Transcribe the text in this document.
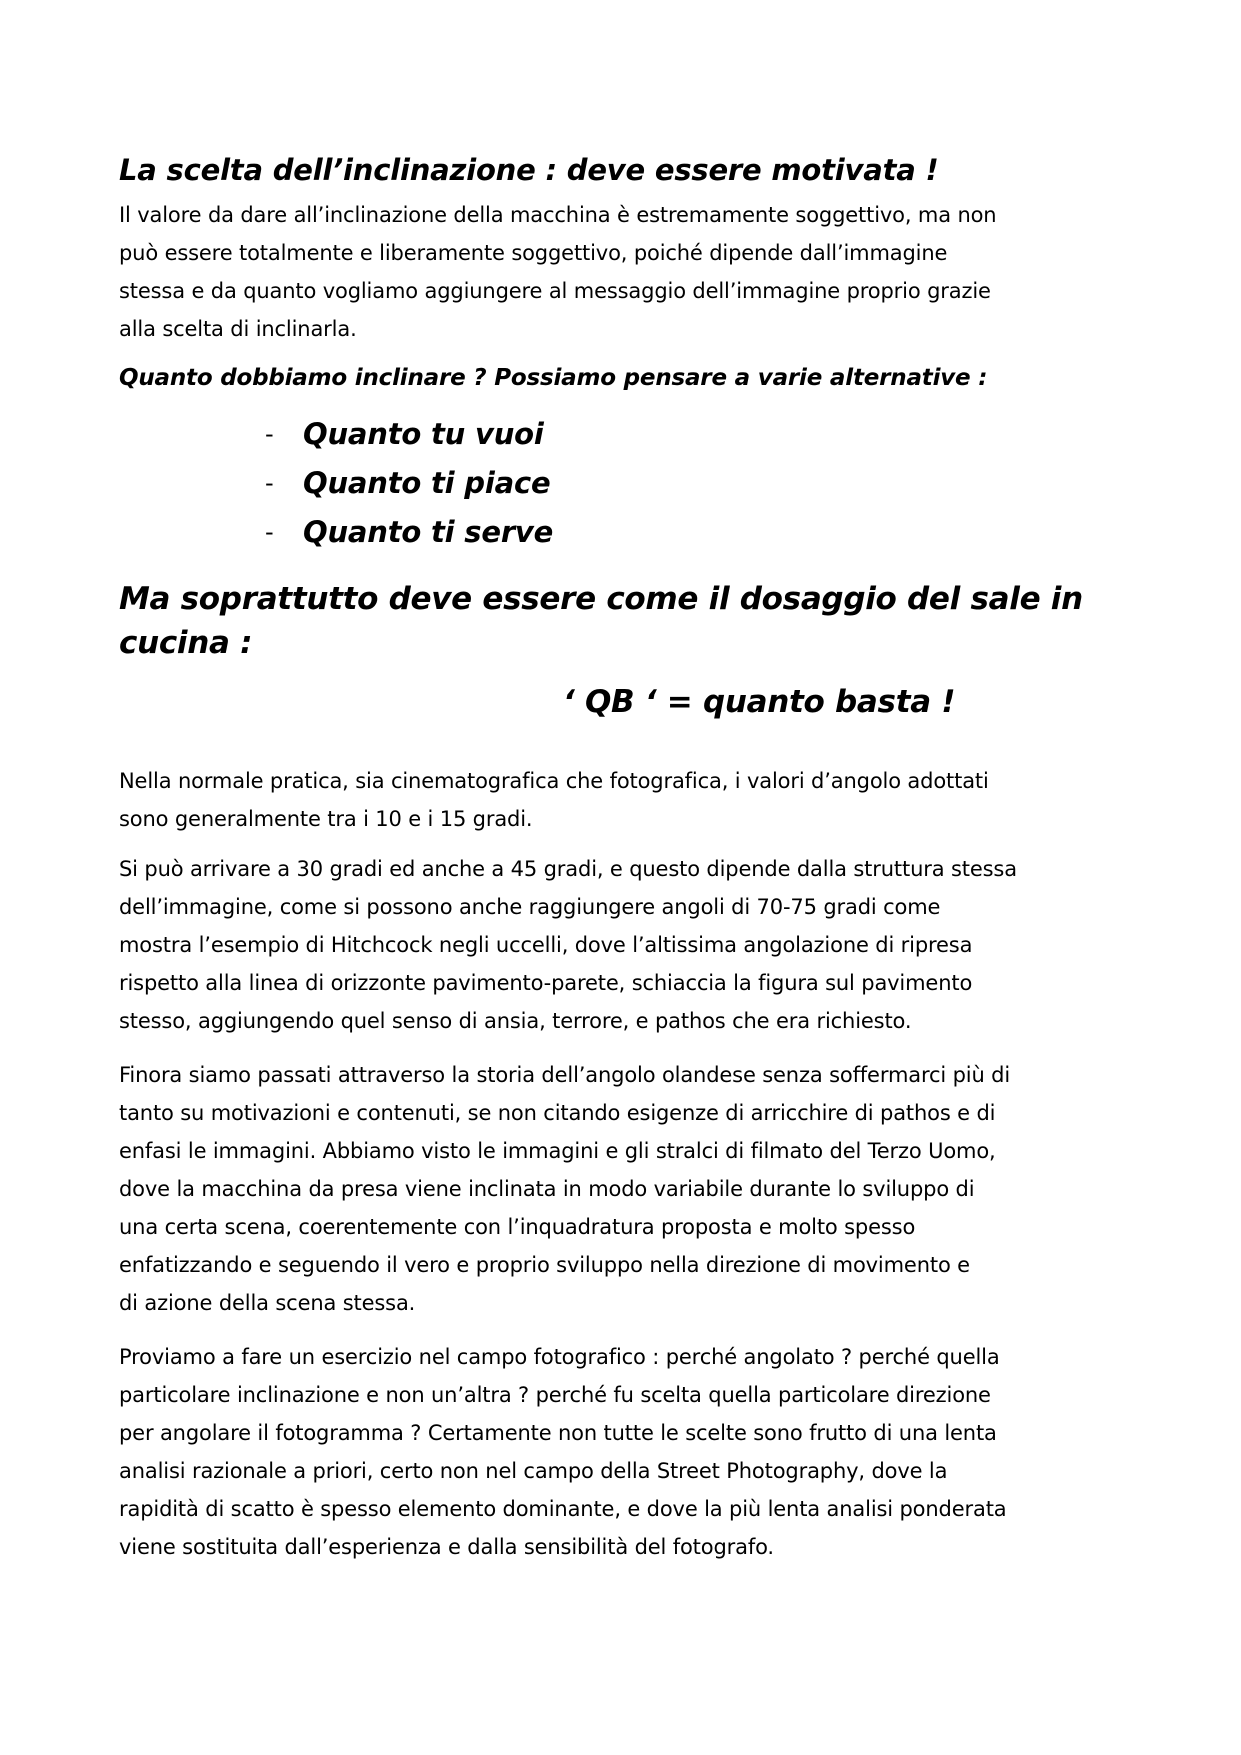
La scelta dell’inclinazione : deve essere motivata !
Il valore da dare all’inclinazione della macchina è estremamente soggettivo, ma non
può essere totalmente e liberamente soggettivo, poiché dipende dall’immagine
stessa e da quanto vogliamo aggiungere al messaggio dell’immagine proprio grazie
alla scelta di inclinarla.
Quanto dobbiamo inclinare ? Possiamo pensare a varie alternative :
-	Quanto tu vuoi
-	Quanto ti piace
-	Quanto ti serve
Ma soprattutto deve essere come il dosaggio del sale in cucina :
‘ QB ‘ = quanto basta !
Nella normale pratica, sia cinematografica che fotografica, i valori d’angolo adottati
sono generalmente tra i 10 e i 15 gradi.
Si può arrivare a 30 gradi ed anche a 45 gradi, e questo dipende dalla struttura stessa
dell’immagine, come si possono anche raggiungere angoli di 70-75 gradi come
mostra l’esempio di Hitchcock negli uccelli, dove l’altissima angolazione di ripresa
rispetto alla linea di orizzonte pavimento-parete, schiaccia la figura sul pavimento
stesso, aggiungendo quel senso di ansia, terrore, e pathos che era richiesto.
Finora siamo passati attraverso la storia dell’angolo olandese senza soffermarci più di
tanto su motivazioni e contenuti, se non citando esigenze di arricchire di pathos e di
enfasi le immagini. Abbiamo visto le immagini e gli stralci di filmato del Terzo Uomo,
dove la macchina da presa viene inclinata in modo variabile durante lo sviluppo di
una certa scena, coerentemente con l’inquadratura proposta e molto spesso
enfatizzando e seguendo il vero e proprio sviluppo nella direzione di movimento e
di azione della scena stessa.
Proviamo a fare un esercizio nel campo fotografico : perché angolato ? perché quella
particolare inclinazione e non un’altra ? perché fu scelta quella particolare direzione
per angolare il fotogramma ? Certamente non tutte le scelte sono frutto di una lenta
analisi razionale a priori, certo non nel campo della Street Photography, dove la
rapidità di scatto è spesso elemento dominante, e dove la più lenta analisi ponderata
viene sostituita dall’esperienza e dalla sensibilità del fotografo.
